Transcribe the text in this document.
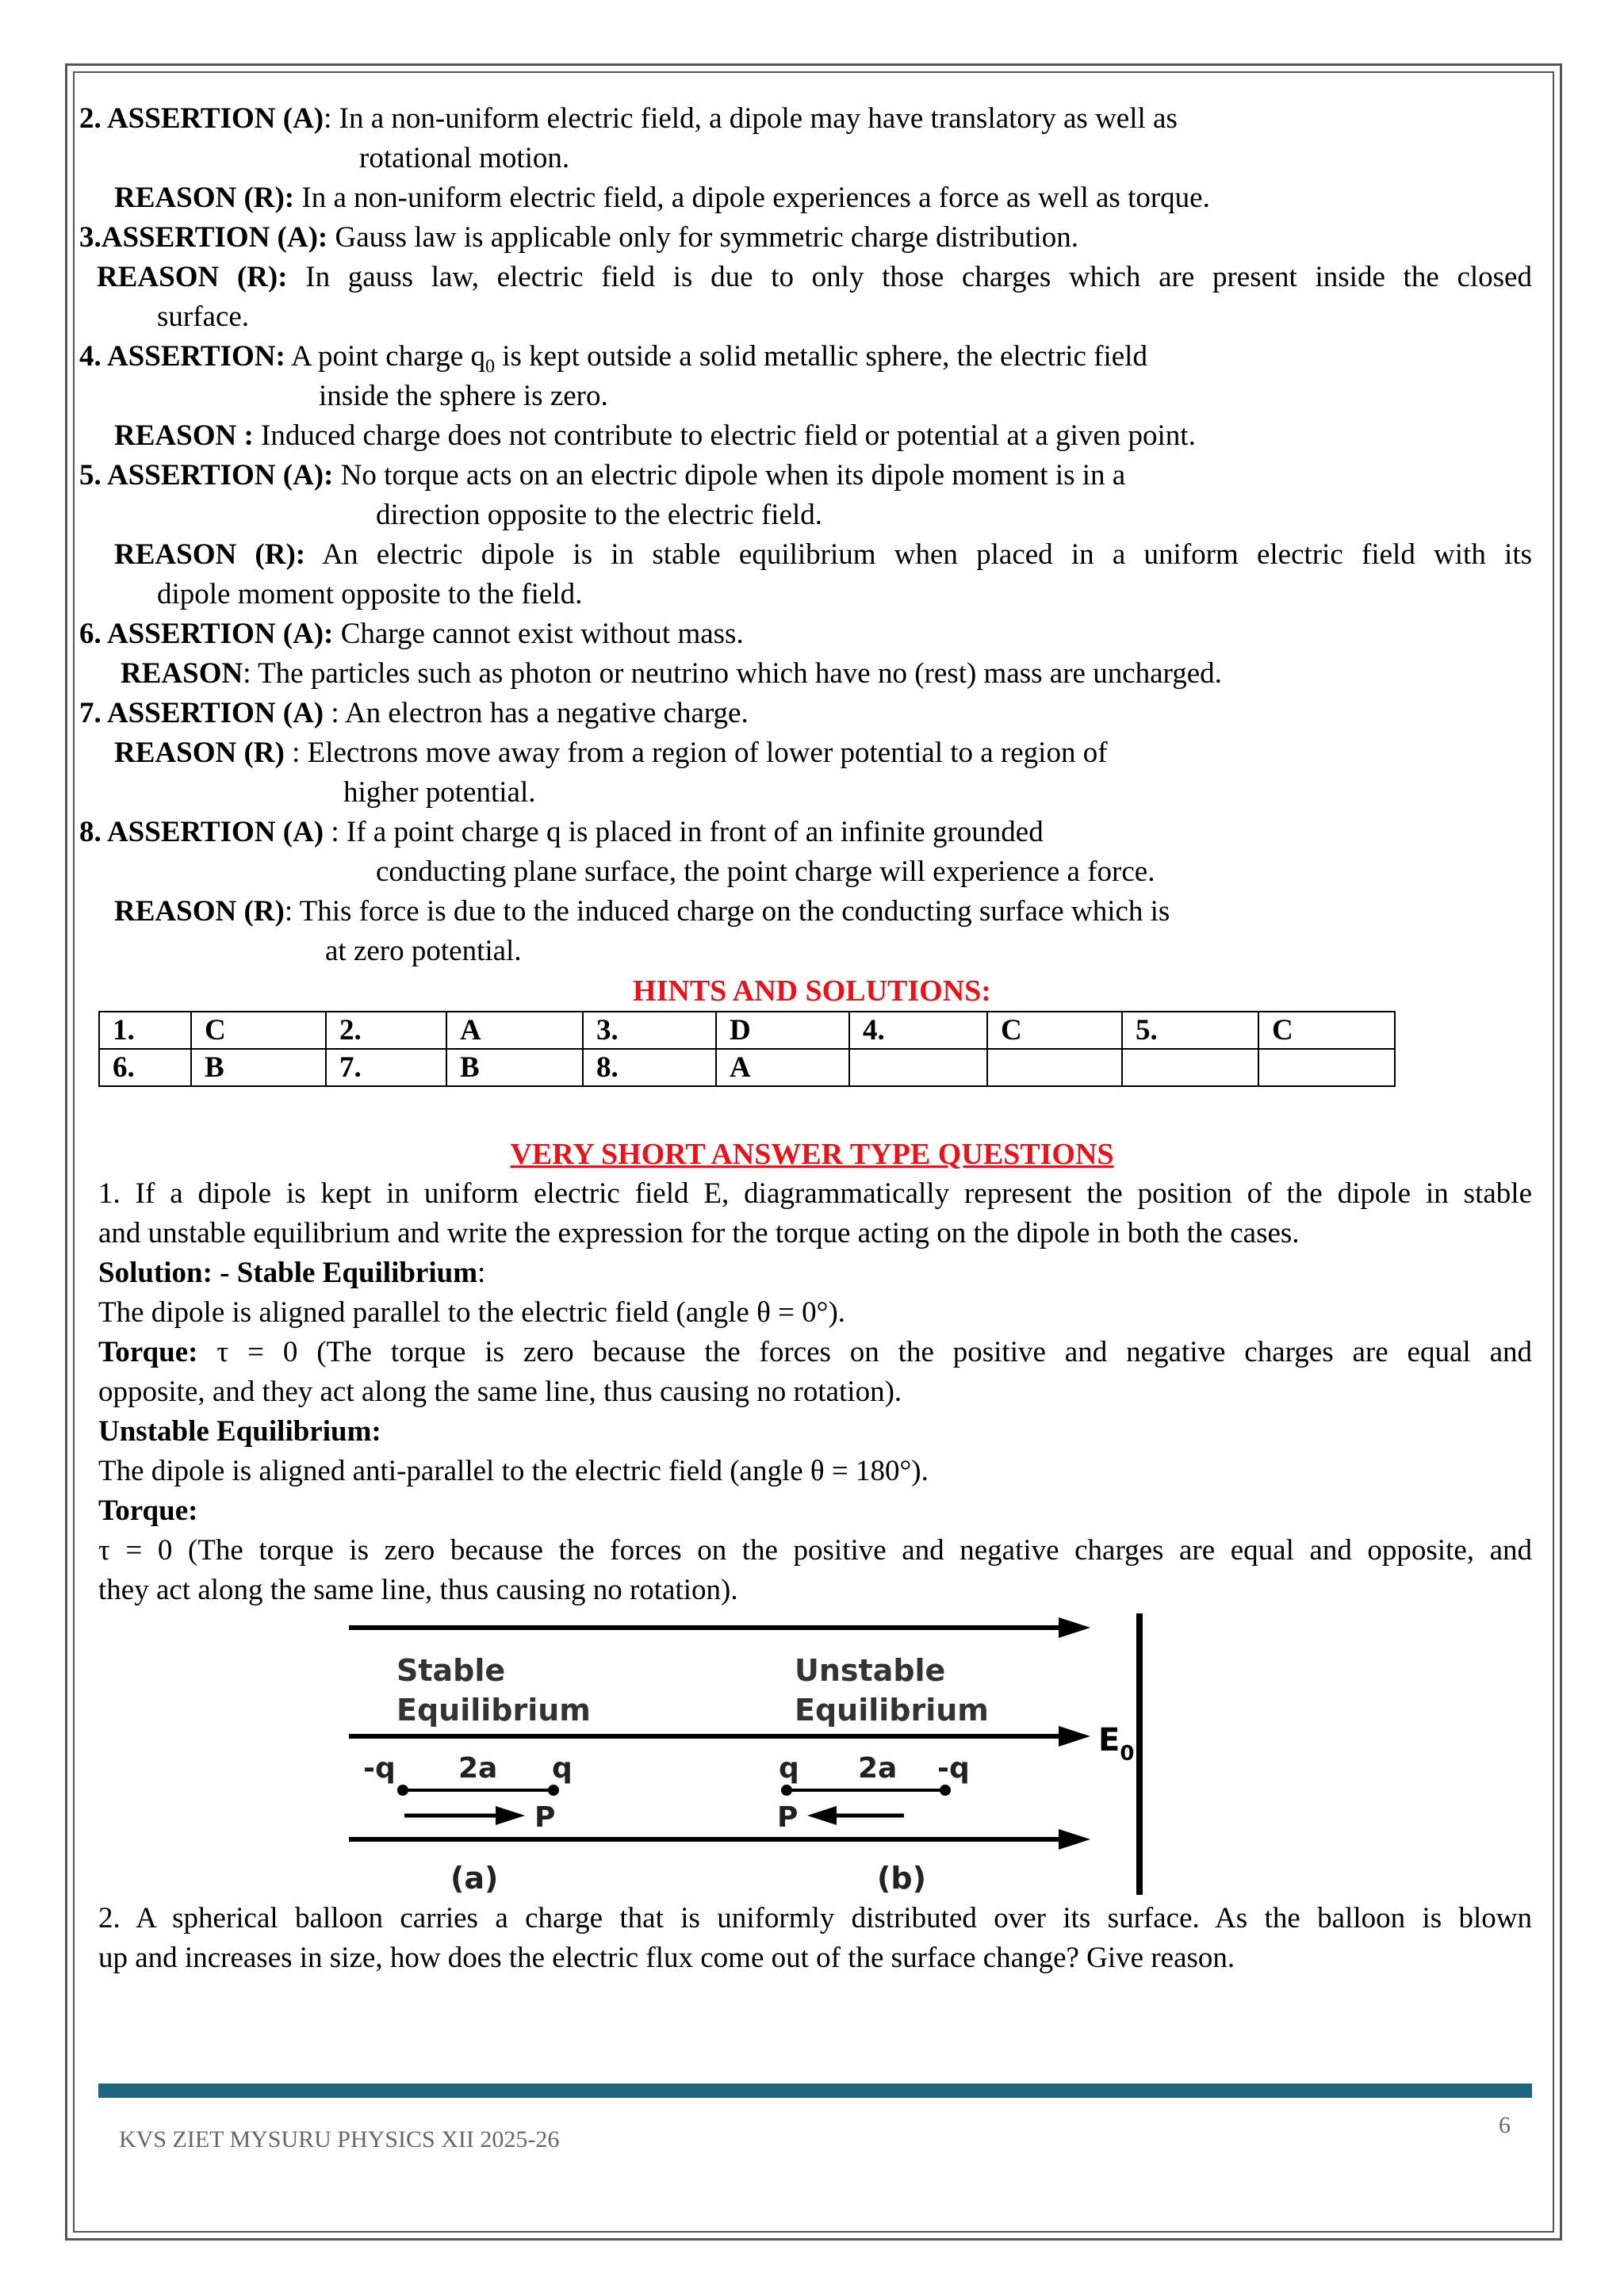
2. ASSERTION (A): In a non-uniform electric field, a dipole may have translatory as well as
rotational motion.
REASON (R): In a non-uniform electric field, a dipole experiences a force as well as torque.
3.ASSERTION (A): Gauss law is applicable only for symmetric charge distribution.
REASON (R): In gauss law, electric field is due to only those charges which are present inside the closed
surface.
4. ASSERTION: A point charge $q_0$ is kept outside a solid metallic sphere, the electric field
inside the sphere is zero.
REASON : Induced charge does not contribute to electric field or potential at a given point.
5. ASSERTION (A): No torque acts on an electric dipole when its dipole moment is in a
direction opposite to the electric field.
REASON (R): An electric dipole is in stable equilibrium when placed in a uniform electric field with its
dipole moment opposite to the field.
6. ASSERTION (A): Charge cannot exist without mass.
REASON: The particles such as photon or neutrino which have no (rest) mass are uncharged.
7. ASSERTION (A) : An electron has a negative charge.
REASON (R) : Electrons move away from a region of lower potential to a region of
higher potential.
8. ASSERTION (A) : If a point charge q is placed in front of an infinite grounded
conducting plane surface, the point charge will experience a force.
REASON (R): This force is due to the induced charge on the conducting surface which is
at zero potential.
HINTS AND SOLUTIONS:
1.	C	2.	A	3.	D	4.	C	5.	C
6.	B	7.	B	8.	A				
VERY SHORT ANSWER TYPE QUESTIONS
1. If a dipole is kept in uniform electric field E, diagrammatically represent the position of the dipole in stable
and unstable equilibrium and write the expression for the torque acting on the dipole in both the cases.
Solution: - Stable Equilibrium:
The dipole is aligned parallel to the electric field (angle θ = 0°).
Torque: τ = 0 (The torque is zero because the forces on the positive and negative charges are equal and
opposite, and they act along the same line, thus causing no rotation).
Unstable Equilibrium:
The dipole is aligned anti-parallel to the electric field (angle θ = 180°).
Torque:
τ = 0 (The torque is zero because the forces on the positive and negative charges are equal and opposite, and
they act along the same line, thus causing no rotation).
$E_0$
Stable
Equilibrium
-q 2a q
P
(a)
Unstable
Equilibrium
q 2a -q
P
(b)
2. A spherical balloon carries a charge that is uniformly distributed over its surface. As the balloon is blown
up and increases in size, how does the electric flux come out of the surface change? Give reason.
KVS ZIET MYSURU PHYSICS XII 2025-26
6
